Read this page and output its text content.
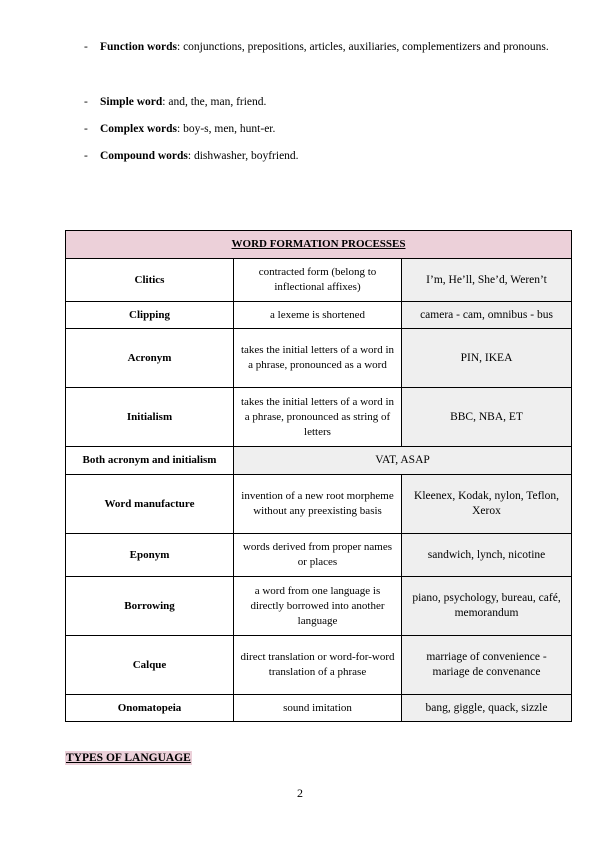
- Function words: conjunctions, prepositions, articles, auxiliaries, complementizers and pronouns.
- Simple word: and, the, man, friend.
- Complex words: boy-s, men, hunt-er.
- Compound words: dishwasher, boyfriend.
WORD FORMATION PROCESSES		
Clitics	contracted form (belong to inflectional affixes)	I’m, He’ll, She’d, Weren’t
Clipping	a lexeme is shortened	camera - cam, omnibus - bus
Acronym	takes the initial letters of a word in a phrase, pronounced as a word	PIN, IKEA
Initialism	takes the initial letters of a word in a phrase, pronounced as string of letters	BBC, NBA, ET
Both acronym and initialism	VAT, ASAP	
Word manufacture	invention of a new root morpheme without any preexisting basis	Kleenex, Kodak, nylon, Teflon, Xerox
Eponym	words derived from proper names or places	sandwich, lynch, nicotine
Borrowing	a word from one language is directly borrowed into another language	piano, psychology, bureau, café, memorandum
Calque	direct translation or word-for-word translation of a phrase	marriage of convenience - mariage de convenance
Onomatopeia	sound imitation	bang, giggle, quack, sizzle
TYPES OF LANGUAGE
2
